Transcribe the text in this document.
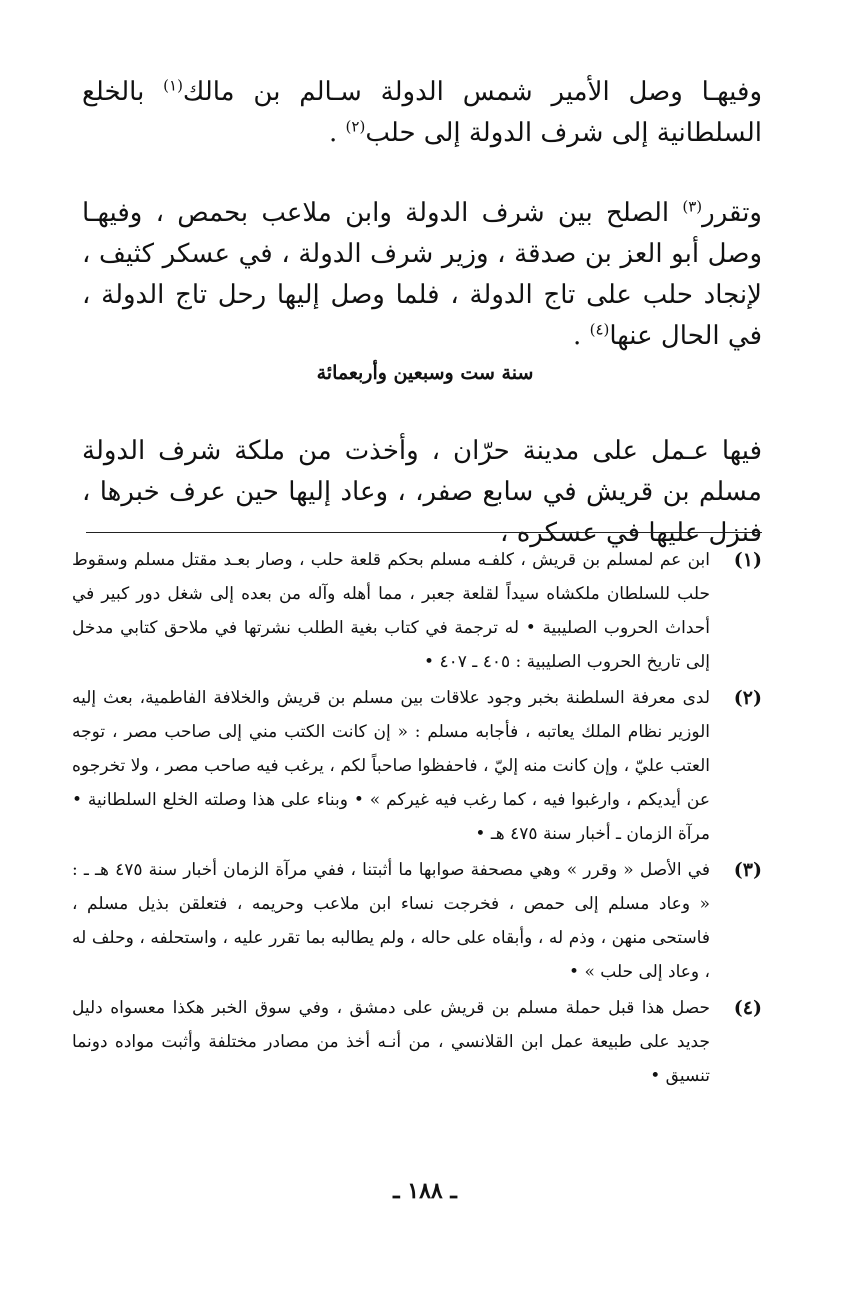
وفيهـا وصل الأمير شمس الدولة سـالم بن مالك$^{(١)}$ بالخلع السلطانية إلى شرف الدولة إلى حلب$^{(٢)}$ .

وتقرر$^{(٣)}$ الصلح بين شرف الدولة وابن ملاعب بحمص ، وفيهـا وصل أبو العز بن صدقة ، وزير شرف الدولة ، في عسكر كثيف ، لإنجاد حلب على تاج الدولة ، فلما وصل إليها رحل تاج الدولة ، في الحال عنها$^{(٤)}$ .

سنة ست وسبعين وأربعمائة

فيها عـمل على مدينة حرّان ، وأخذت من ملكة شرف الدولة مسلم بن قريش في سابع صفر، ، وعاد إليها حين عرف خبرها ، فنزل عليها في عسكره ،

(١)

ابن عم لمسلم بن قريش ، كلفـه مسلم بحكم قلعة حلب ، وصار بعـد مقتل مسلم وسقوط حلب للسلطان ملكشاه سيداً لقلعة جعبر ، مما أهله وآله من بعده إلى شغل دور كبير في أحداث الحروب الصليبية • له ترجمة في كتاب بغية الطلب نشرتها في ملاحق كتابي مدخل إلى تاريخ الحروب الصليبية : ٤٠٥ ـ ٤٠٧ •

(٢)

لدى معرفة السلطنة بخبر وجود علاقات بين مسلم بن قريش والخلافة الفاطمية، بعث إليه الوزير نظام الملك يعاتبه ، فأجابه مسلم : « إن كانت الكتب مني إلى صاحب مصر ، توجه العتب عليّ ، وإن كانت منه إليّ ، فاحفظوا صاحباً لكم ، يرغب فيه صاحب مصر ، ولا تخرجوه عن أيديكم ، وارغبوا فيه ، كما رغب فيه غيركم » • وبناء على هذا وصلته الخلع السلطانية • مرآة الزمان ـ أخبار سنة ٤٧٥ هـ •

(٣)

في الأصل « وقرر » وهي مصحفة صوابها ما أثبتنا ، ففي مرآة الزمان أخبار سنة ٤٧٥ هـ ـ : « وعاد مسلم إلى حمص ، فخرجت نساء ابن ملاعب وحريمه ، فتعلقن بذيل مسلم ، فاستحى منهن ، وذم له ، وأبقاه على حاله ، ولم يطالبه بما تقرر عليه ، واستحلفه ، وحلف له ، وعاد إلى حلب » •

(٤)

حصل هذا قبل حملة مسلم بن قريش على دمشق ، وفي سوق الخبر هكذا معسواه دليل جديد على طبيعة عمل ابن القلانسي ، من أنـه أخذ من مصادر مختلفة وأثبت مواده دونما تنسيق •

ـ ١٨٨ ـ
